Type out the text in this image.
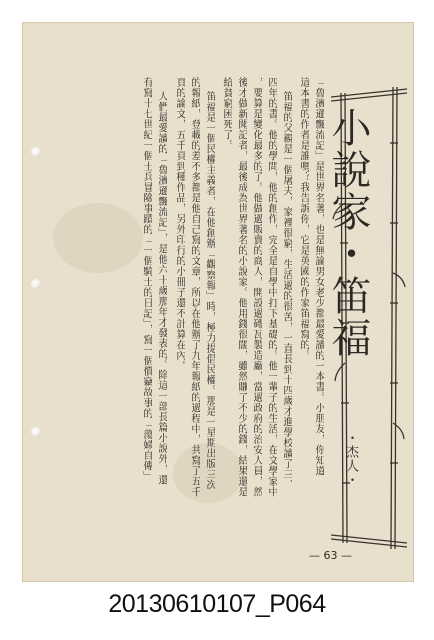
「魯濱遜飄流記」是世界名著，也是無論男女老少都最愛讀的一本書。小朋友，你知道
這本書的作者是誰嗎？我告訴你，它是英國的作家笛福寫的。
笛福的父親是一個屠夫，家裡很窮，生活過的很苦，一直長到十四歲才進學校讀了三、
四年的書。他的學問，他的創作，完全是自學中打下基礎的。他一輩子的生活，在文學家中
，要算是變化最多的了。他做過販賣的商人，開設過磚瓦製造廠，當過政府的治安人員，然
後才做新聞記者，最後成為世界著名的小說家。他用錢很闊，雖然賺了不少的錢，結果還是
給貧窮困死了。
笛福是一個民權主義者，在他創辦「觀察報」時，極力提倡民權。那是一星期出版三次
的報紙，登載的差不多都是他自己寫的文章，所以在他辦了九年報紙的過程中，共寫了五千
頁的論文，五千頁到種作品，另外印行的小冊子還不計算在內。
人們最愛讀的「魯濱遜飄流記」，是他六十歲那年才發表的。除這一部長篇小說外，還
有寫十七世紀一個士兵冒險事蹟的「一個騎士的日記」，寫一個償竊故事的「蕩婦自傳」	小說家・笛福
・杰人・
— 63 —
20130610107_P064
